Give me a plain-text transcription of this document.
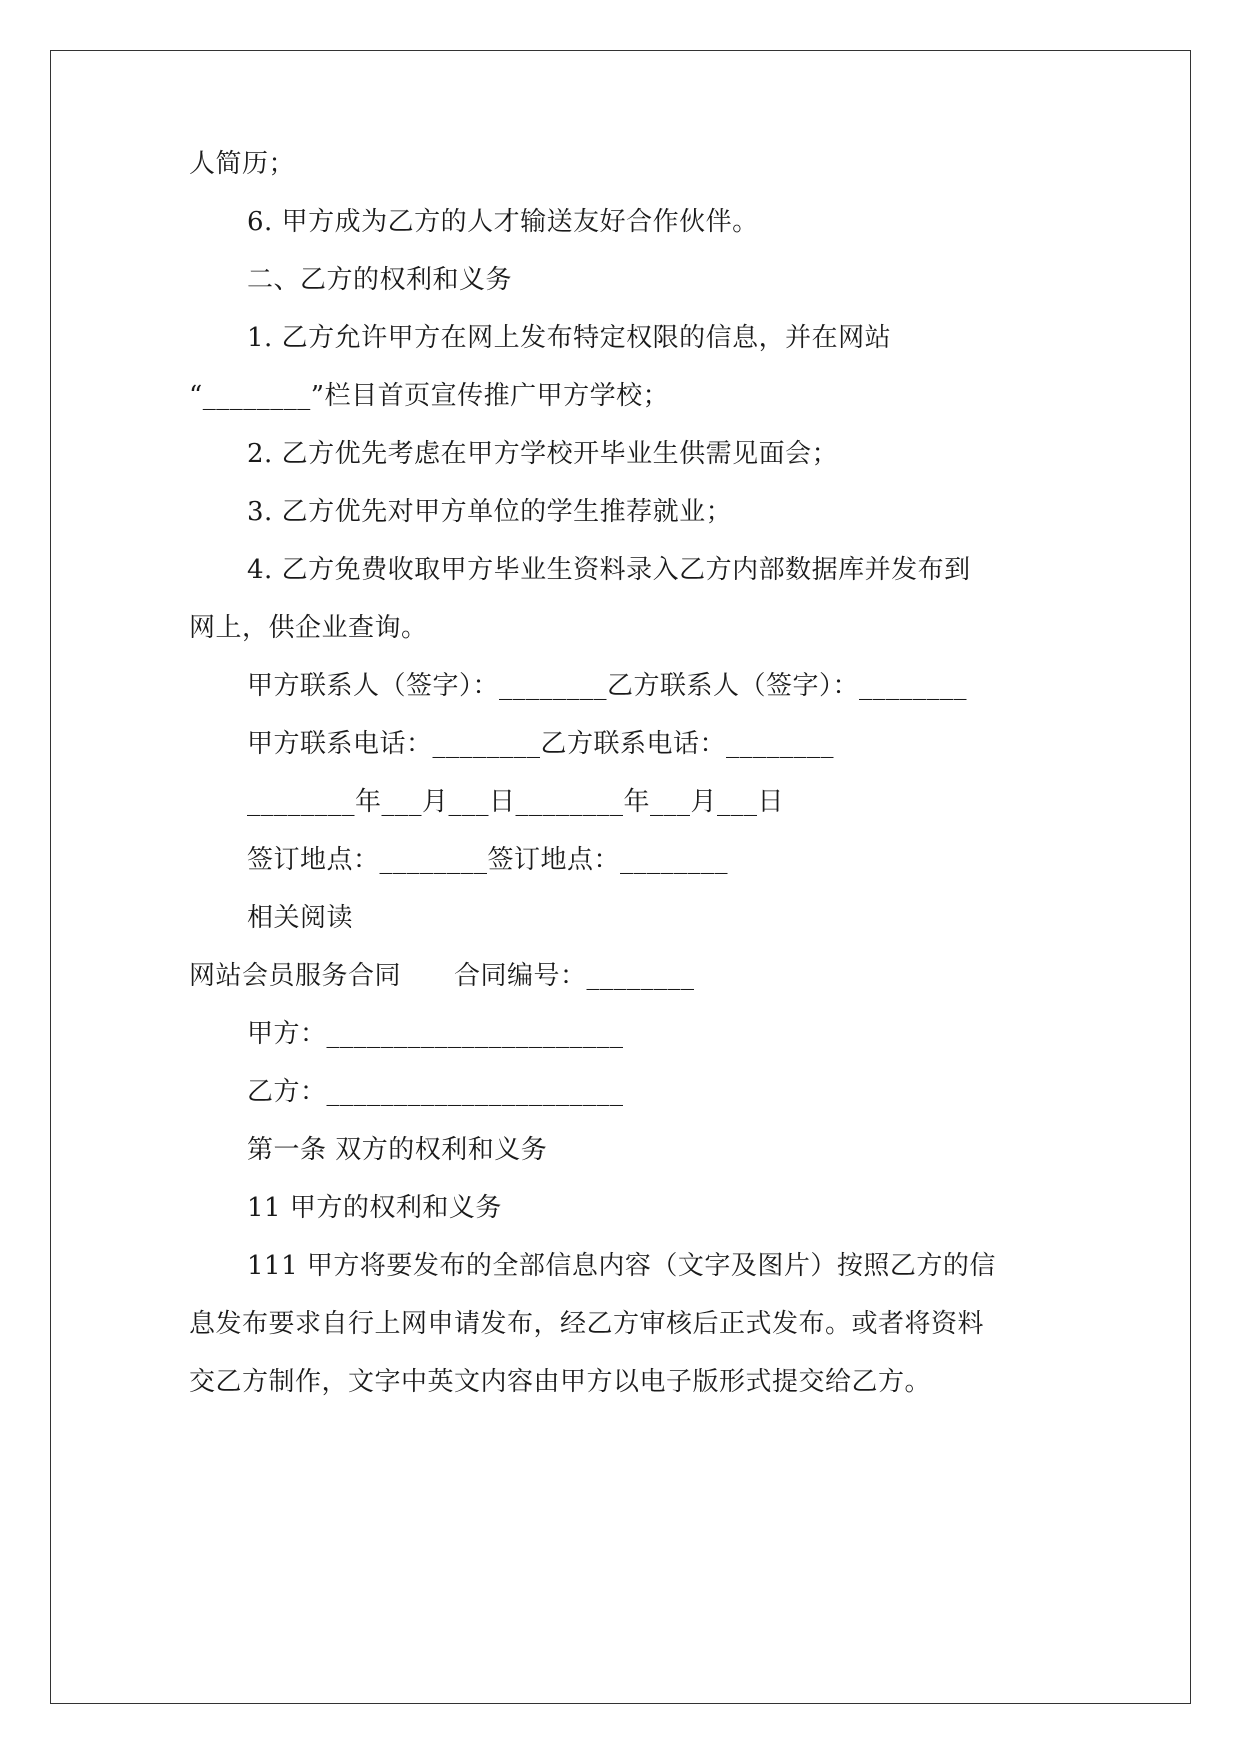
人简历；

6. 甲方成为乙方的人才输送友好合作伙伴。

二、乙方的权利和义务

1. 乙方允许甲方在网上发布特定权限的信息，并在网站

“________”栏目首页宣传推广甲方学校；

2. 乙方优先考虑在甲方学校开毕业生供需见面会；

3. 乙方优先对甲方单位的学生推荐就业；

4. 乙方免费收取甲方毕业生资料录入乙方内部数据库并发布到

网上，供企业查询。

甲方联系人（签字）：________乙方联系人（签字）：________

甲方联系电话：________乙方联系电话：________

________年___月___日________年___月___日

签订地点：________签订地点：________

相关阅读

网站会员服务合同　　合同编号：________

甲方：______________________

乙方：______________________

第一条 双方的权利和义务

11 甲方的权利和义务

111 甲方将要发布的全部信息内容（文字及图片）按照乙方的信

息发布要求自行上网申请发布，经乙方审核后正式发布。或者将资料

交乙方制作，文字中英文内容由甲方以电子版形式提交给乙方。
